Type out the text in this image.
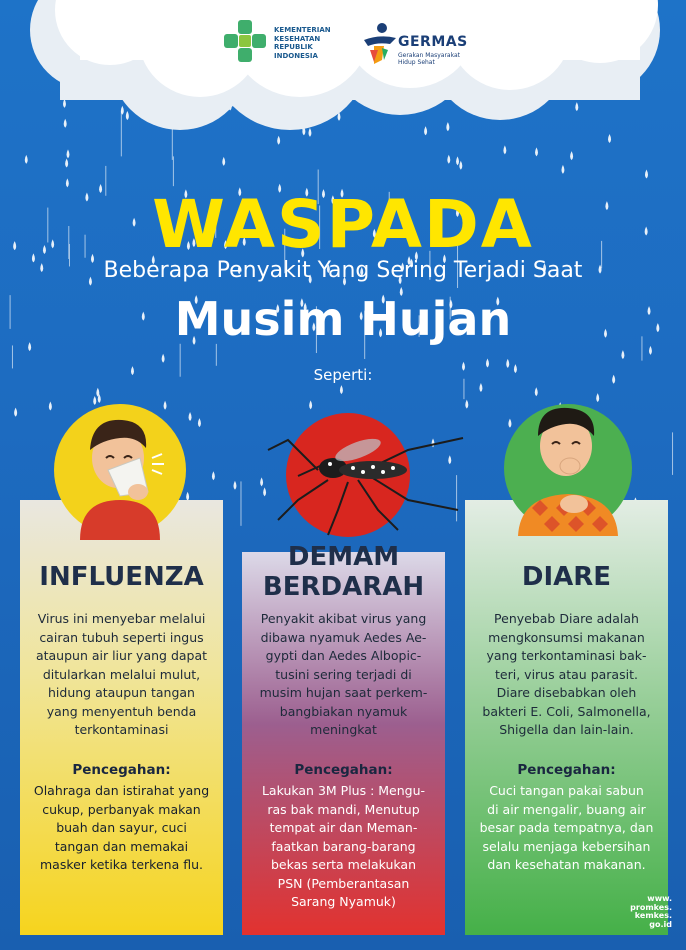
KEMENTERIAN
KESEHATAN
REPUBLIK
INDONESIA
GERMAS
Gerakan Masyarakat
Hidup Sehat
WASPADA
Beberapa Penyakit Yang Sering Terjadi Saat
Musim Hujan
Seperti:
INFLUENZA
DEMAM
BERDARAH	DIARE
Virus ini menyebar melalui
cairan tubuh seperti ingus
ataupun air liur yang dapat
ditularkan melalui mulut,
hidung ataupun tangan
yang menyentuh benda
terkontaminasi
Penyakit akibat virus yang
dibawa nyamuk Aedes Ae-
gypti dan Aedes Albopic-
tusini sering terjadi di
musim hujan saat perkem-
bangbiakan nyamuk
meningkat
Penyebab Diare adalah
mengkonsumsi makanan
yang terkontaminasi bak-
teri, virus atau parasit.
Diare disebabkan oleh
bakteri E. Coli, Salmonella,
Shigella dan lain-lain.
Pencegahan:	Pencegahan:	Pencegahan:
Olahraga dan istirahat yang
cukup, perbanyak makan
buah dan sayur, cuci
tangan dan memakai
masker ketika terkena flu.
Lakukan 3M Plus : Mengu-
ras bak mandi, Menutup
tempat air dan Meman-
faatkan barang-barang
bekas serta melakukan
PSN (Pemberantasan
Sarang Nyamuk)
Cuci tangan pakai sabun
di air mengalir, buang air
besar pada tempatnya, dan
selalu menjaga kebersihan
dan kesehatan makanan.
www.
promkes.
kemkes.
go.id
